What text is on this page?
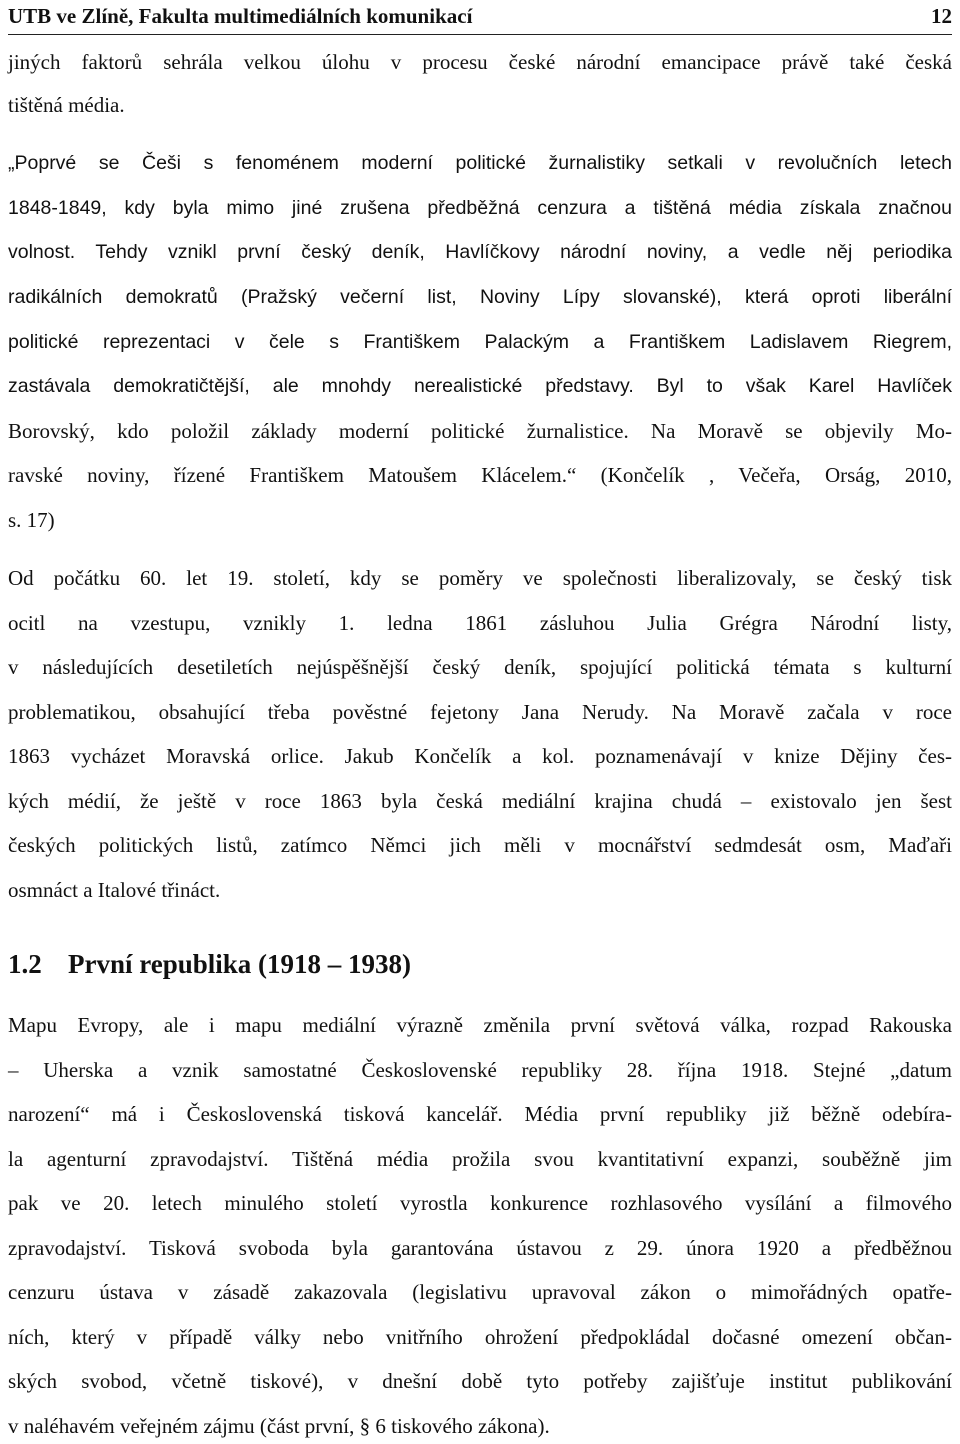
UTB ve Zlíně, Fakulta multimediálních komunikací	12
jiných faktorů sehrála velkou úlohu v procesu české národní emancipace právě také česká
tištěná média.
„Poprvé se Češi s fenoménem moderní politické žurnalistiky setkali v revolučních letech
1848-1849, kdy byla mimo jiné zrušena předběžná cenzura a tištěná média získala značnou
volnost. Tehdy vznikl první český deník, Havlíčkovy národní noviny, a vedle něj periodika
radikálních demokratů (Pražský večerní list, Noviny Lípy slovanské), která oproti liberální
politické reprezentaci v čele s Františkem Palackým a Františkem Ladislavem Riegrem,
zastávala demokratičtější, ale mnohdy nerealistické představy. Byl to však Karel Havlíček
Borovský, kdo položil základy moderní politické žurnalistice. Na Moravě se objevily Mo-
ravské noviny, řízené Františkem Matoušem Klácelem.“ (Končelík , Večeřa, Orság, 2010,
s. 17)
Od počátku 60. let 19. století, kdy se poměry ve společnosti liberalizovaly, se český tisk
ocitl na vzestupu, vznikly 1. ledna 1861 zásluhou Julia Grégra Národní listy,
v následujících desetiletích nejúspěšnější český deník, spojující politická témata s kulturní
problematikou, obsahující třeba pověstné fejetony Jana Nerudy. Na Moravě začala v roce
1863 vycházet Moravská orlice. Jakub Končelík a kol. poznamenávají v knize Dějiny čes-
kých médií, že ještě v roce 1863 byla česká mediální krajina chudá – existovalo jen šest
českých politických listů, zatímco Němci jich měli v mocnářství sedmdesát osm, Maďaři
osmnáct a Italové třináct.
1.2 První republika (1918 – 1938)
Mapu Evropy, ale i mapu mediální výrazně změnila první světová válka, rozpad Rakouska
– Uherska a vznik samostatné Československé republiky 28. října 1918. Stejné „datum
narození“ má i Československá tisková kancelář. Média první republiky již běžně odebíra-
la agenturní zpravodajství. Tištěná média prožila svou kvantitativní expanzi, souběžně jim
pak ve 20. letech minulého století vyrostla konkurence rozhlasového vysílání a filmového
zpravodajství. Tisková svoboda byla garantována ústavou z 29. února 1920 a předběžnou
cenzuru ústava v zásadě zakazovala (legislativu upravoval zákon o mimořádných opatře-
ních, který v případě války nebo vnitřního ohrožení předpokládal dočasné omezení občan-
ských svobod, včetně tiskové), v dnešní době tyto potřeby zajišťuje institut publikování
v naléhavém veřejném zájmu (část první, § 6 tiskového zákona).
